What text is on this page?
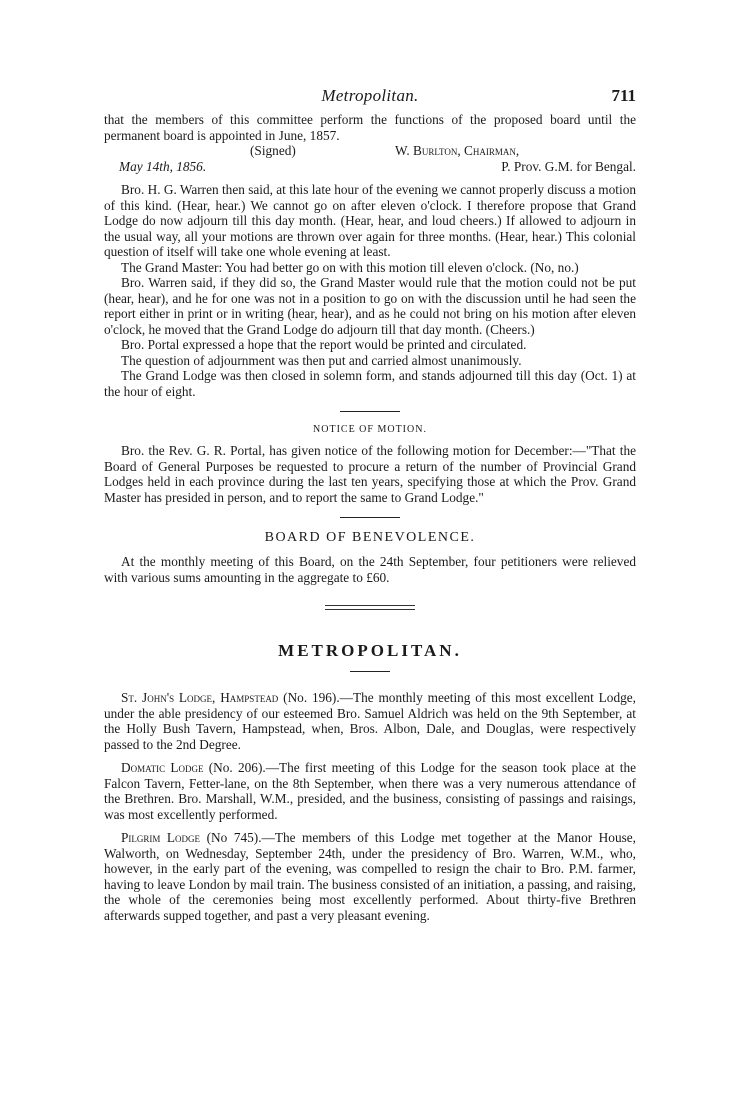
Metropolitan.	711

that the members of this committee perform the functions of the proposed board until the permanent board is appointed in June, 1857.

(Signed)	W. Burlton, Chairman,
May 14th, 1856.	P. Prov. G.M. for Bengal.

Bro. H. G. Warren then said, at this late hour of the evening we cannot properly discuss a motion of this kind. (Hear, hear.) We cannot go on after eleven o'clock. I therefore propose that Grand Lodge do now adjourn till this day month. (Hear, hear, and loud cheers.) If allowed to adjourn in the usual way, all your motions are thrown over again for three months. (Hear, hear.) This colonial question of itself will take one whole evening at least.

The Grand Master: You had better go on with this motion till eleven o'clock. (No, no.)

Bro. Warren said, if they did so, the Grand Master would rule that the motion could not be put (hear, hear), and he for one was not in a position to go on with the discussion until he had seen the report either in print or in writing (hear, hear), and as he could not bring on his motion after eleven o'clock, he moved that the Grand Lodge do adjourn till that day month. (Cheers.)

Bro. Portal expressed a hope that the report would be printed and circulated.

The question of adjournment was then put and carried almost unanimously.

The Grand Lodge was then closed in solemn form, and stands adjourned till this day (Oct. 1) at the hour of eight.

NOTICE OF MOTION.

Bro. the Rev. G. R. Portal, has given notice of the following motion for December:—"That the Board of General Purposes be requested to procure a return of the number of Provincial Grand Lodges held in each province during the last ten years, specifying those at which the Prov. Grand Master has presided in person, and to report the same to Grand Lodge."

BOARD OF BENEVOLENCE.

At the monthly meeting of this Board, on the 24th September, four petitioners were relieved with various sums amounting in the aggregate to £60.

METROPOLITAN.

St. John's Lodge, Hampstead (No. 196).—The monthly meeting of this most excellent Lodge, under the able presidency of our esteemed Bro. Samuel Aldrich was held on the 9th September, at the Holly Bush Tavern, Hampstead, when, Bros. Albon, Dale, and Douglas, were respectively passed to the 2nd Degree.

Domatic Lodge (No. 206).—The first meeting of this Lodge for the season took place at the Falcon Tavern, Fetter-lane, on the 8th September, when there was a very numerous attendance of the Brethren. Bro. Marshall, W.M., presided, and the business, consisting of passings and raisings, was most excellently performed.

Pilgrim Lodge (No 745).—The members of this Lodge met together at the Manor House, Walworth, on Wednesday, September 24th, under the presidency of Bro. Warren, W.M., who, however, in the early part of the evening, was compelled to resign the chair to Bro. P.M. farmer, having to leave London by mail train. The business consisted of an initiation, a passing, and raising, the whole of the ceremonies being most excellently performed. About thirty-five Brethren afterwards supped together, and past a very pleasant evening.
